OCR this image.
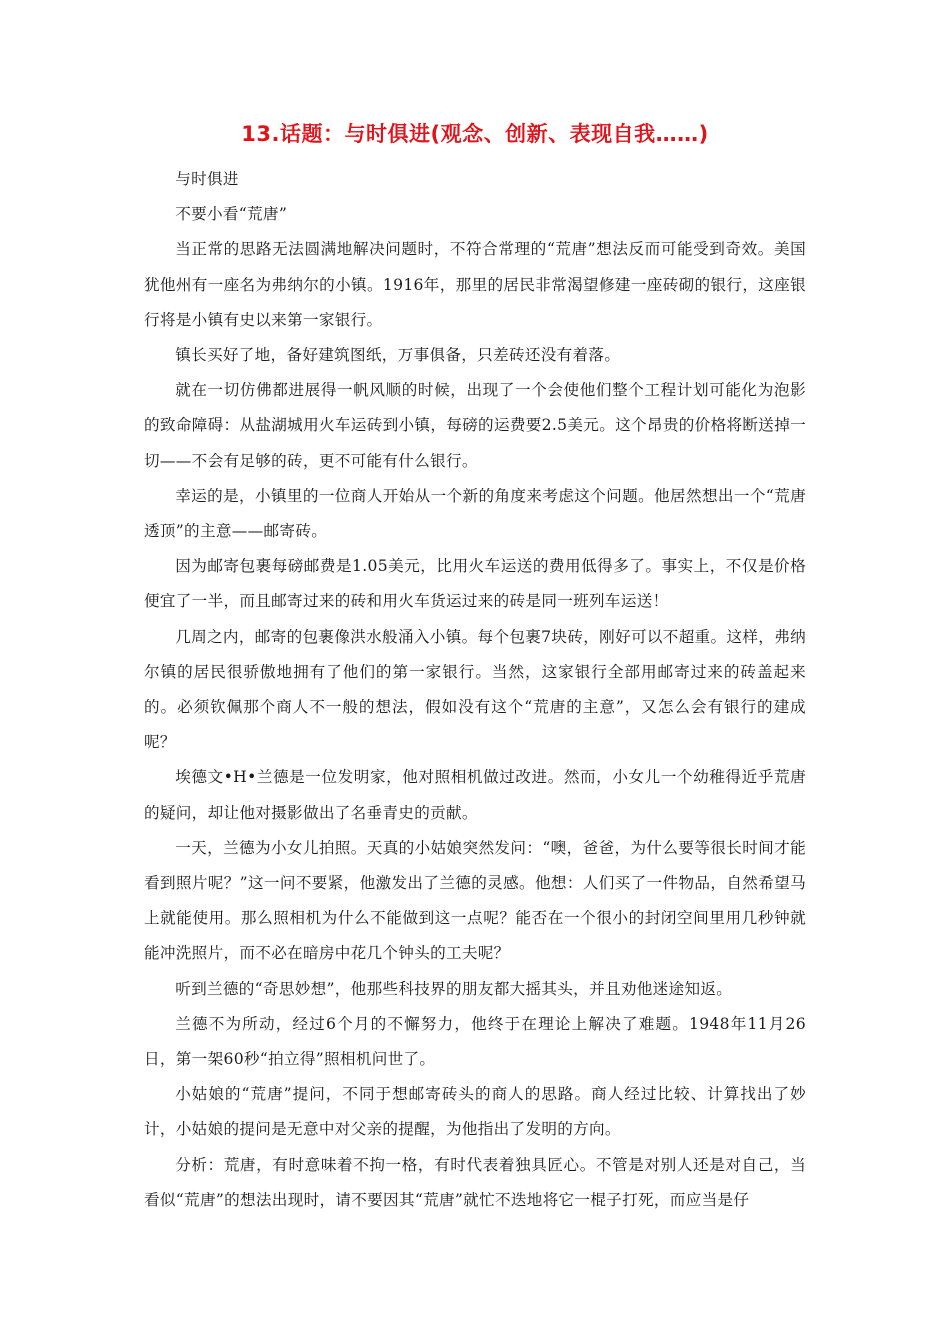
13.话题：与时俱进(观念、创新、表现自我……)

与时俱进

不要小看“荒唐”

当正常的思路无法圆满地解决问题时，不符合常理的“荒唐”想法反而可能受到奇效。美国犹他州有一座名为弗纳尔的小镇。1916年，那里的居民非常渴望修建一座砖砌的银行，这座银行将是小镇有史以来第一家银行。

镇长买好了地，备好建筑图纸，万事俱备，只差砖还没有着落。

就在一切仿佛都进展得一帆风顺的时候，出现了一个会使他们整个工程计划可能化为泡影的致命障碍：从盐湖城用火车运砖到小镇，每磅的运费要2.5美元。这个昂贵的价格将断送掉一切——不会有足够的砖，更不可能有什么银行。

幸运的是，小镇里的一位商人开始从一个新的角度来考虑这个问题。他居然想出一个“荒唐透顶”的主意——邮寄砖。

因为邮寄包裹每磅邮费是1.05美元，比用火车运送的费用低得多了。事实上，不仅是价格便宜了一半，而且邮寄过来的砖和用火车货运过来的砖是同一班列车运送！

几周之内，邮寄的包裹像洪水般涌入小镇。每个包裹7块砖，刚好可以不超重。这样，弗纳尔镇的居民很骄傲地拥有了他们的第一家银行。当然，这家银行全部用邮寄过来的砖盖起来的。必须钦佩那个商人不一般的想法，假如没有这个“荒唐的主意”，又怎么会有银行的建成呢？

埃德文•H•兰德是一位发明家，他对照相机做过改进。然而，小女儿一个幼稚得近乎荒唐的疑问，却让他对摄影做出了名垂青史的贡献。

一天，兰德为小女儿拍照。天真的小姑娘突然发问：“噢，爸爸，为什么要等很长时间才能看到照片呢？”这一问不要紧，他激发出了兰德的灵感。他想：人们买了一件物品，自然希望马上就能使用。那么照相机为什么不能做到这一点呢？能否在一个很小的封闭空间里用几秒钟就能冲洗照片，而不必在暗房中花几个钟头的工夫呢？

听到兰德的“奇思妙想”，他那些科技界的朋友都大摇其头，并且劝他迷途知返。

兰德不为所动，经过6个月的不懈努力，他终于在理论上解决了难题。1948年11月26日，第一架60秒“拍立得”照相机问世了。

小姑娘的“荒唐”提问，不同于想邮寄砖头的商人的思路。商人经过比较、计算找出了妙计，小姑娘的提问是无意中对父亲的提醒，为他指出了发明的方向。

分析：荒唐，有时意味着不拘一格，有时代表着独具匠心。不管是对别人还是对自己，当看似“荒唐”的想法出现时，请不要因其“荒唐”就忙不迭地将它一棍子打死，而应当是仔
